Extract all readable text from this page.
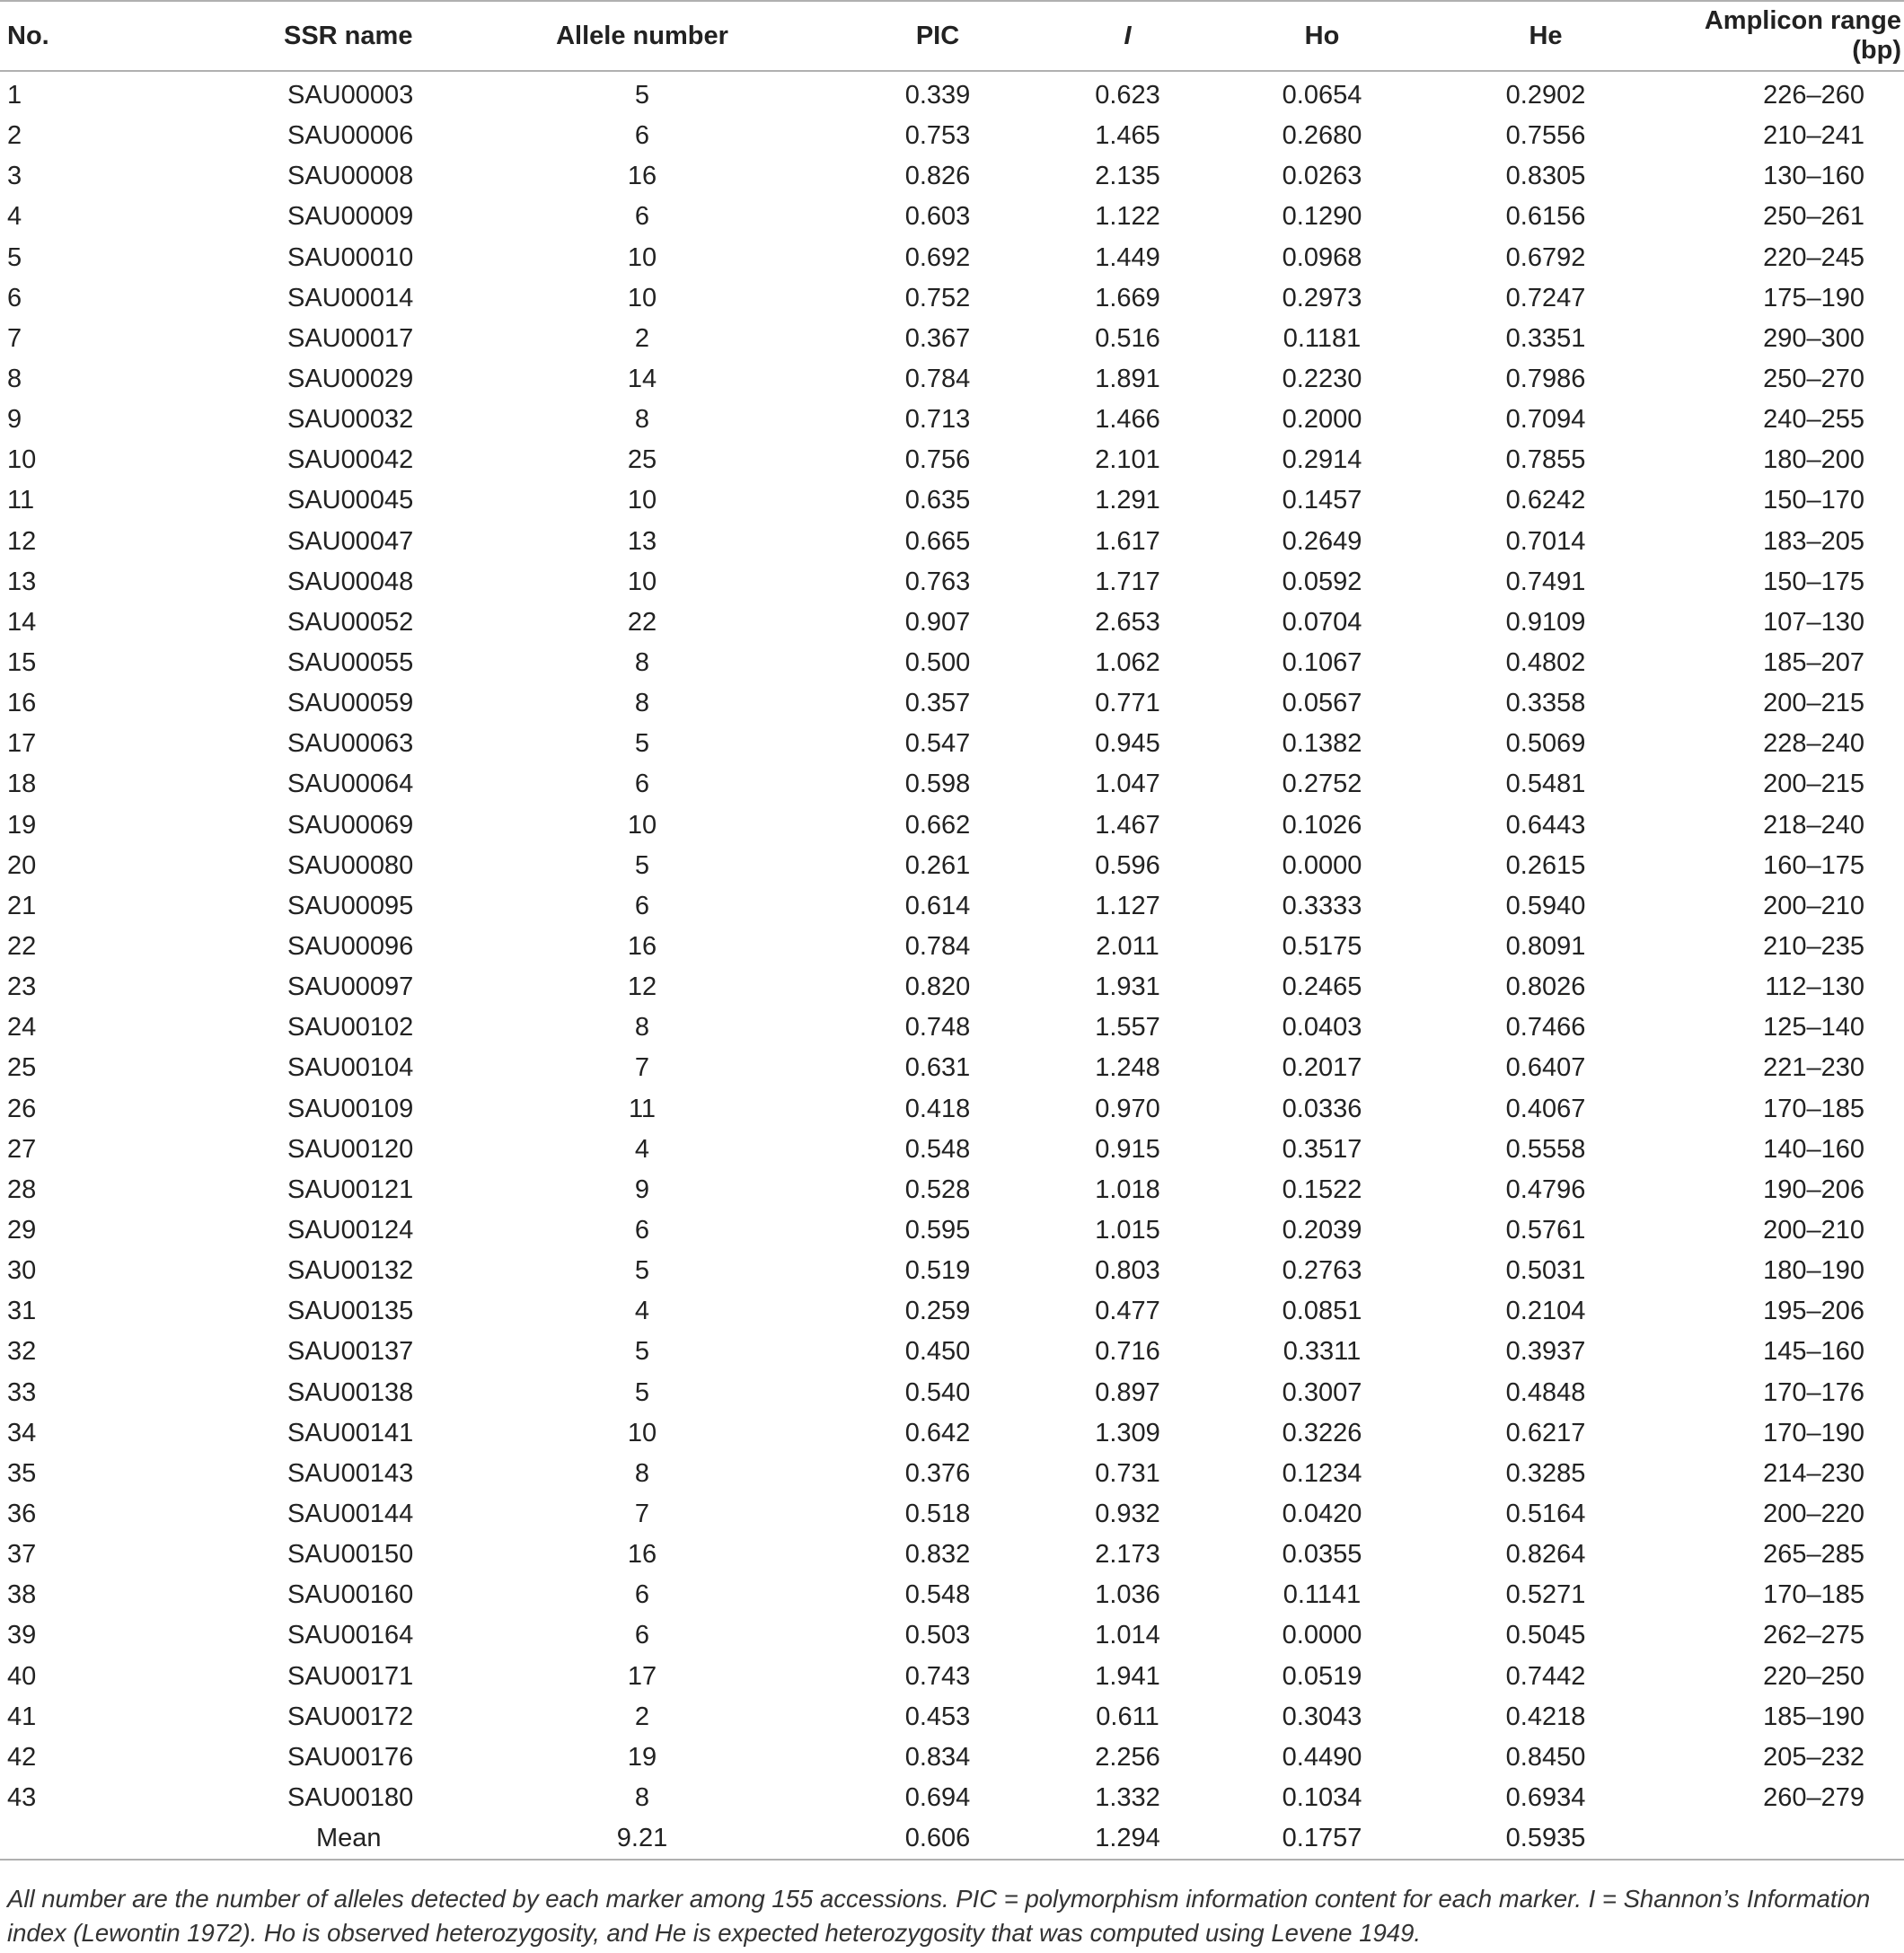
No.	SSR name	Allele number	PIC	I	Ho	He	Amplicon range (bp)
1	SAU00003	5	0.339	0.623	0.0654	0.2902	226–260
2	SAU00006	6	0.753	1.465	0.2680	0.7556	210–241
3	SAU00008	16	0.826	2.135	0.0263	0.8305	130–160
4	SAU00009	6	0.603	1.122	0.1290	0.6156	250–261
5	SAU00010	10	0.692	1.449	0.0968	0.6792	220–245
6	SAU00014	10	0.752	1.669	0.2973	0.7247	175–190
7	SAU00017	2	0.367	0.516	0.1181	0.3351	290–300
8	SAU00029	14	0.784	1.891	0.2230	0.7986	250–270
9	SAU00032	8	0.713	1.466	0.2000	0.7094	240–255
10	SAU00042	25	0.756	2.101	0.2914	0.7855	180–200
11	SAU00045	10	0.635	1.291	0.1457	0.6242	150–170
12	SAU00047	13	0.665	1.617	0.2649	0.7014	183–205
13	SAU00048	10	0.763	1.717	0.0592	0.7491	150–175
14	SAU00052	22	0.907	2.653	0.0704	0.9109	107–130
15	SAU00055	8	0.500	1.062	0.1067	0.4802	185–207
16	SAU00059	8	0.357	0.771	0.0567	0.3358	200–215
17	SAU00063	5	0.547	0.945	0.1382	0.5069	228–240
18	SAU00064	6	0.598	1.047	0.2752	0.5481	200–215
19	SAU00069	10	0.662	1.467	0.1026	0.6443	218–240
20	SAU00080	5	0.261	0.596	0.0000	0.2615	160–175
21	SAU00095	6	0.614	1.127	0.3333	0.5940	200–210
22	SAU00096	16	0.784	2.011	0.5175	0.8091	210–235
23	SAU00097	12	0.820	1.931	0.2465	0.8026	112–130
24	SAU00102	8	0.748	1.557	0.0403	0.7466	125–140
25	SAU00104	7	0.631	1.248	0.2017	0.6407	221–230
26	SAU00109	11	0.418	0.970	0.0336	0.4067	170–185
27	SAU00120	4	0.548	0.915	0.3517	0.5558	140–160
28	SAU00121	9	0.528	1.018	0.1522	0.4796	190–206
29	SAU00124	6	0.595	1.015	0.2039	0.5761	200–210
30	SAU00132	5	0.519	0.803	0.2763	0.5031	180–190
31	SAU00135	4	0.259	0.477	0.0851	0.2104	195–206
32	SAU00137	5	0.450	0.716	0.3311	0.3937	145–160
33	SAU00138	5	0.540	0.897	0.3007	0.4848	170–176
34	SAU00141	10	0.642	1.309	0.3226	0.6217	170–190
35	SAU00143	8	0.376	0.731	0.1234	0.3285	214–230
36	SAU00144	7	0.518	0.932	0.0420	0.5164	200–220
37	SAU00150	16	0.832	2.173	0.0355	0.8264	265–285
38	SAU00160	6	0.548	1.036	0.1141	0.5271	170–185
39	SAU00164	6	0.503	1.014	0.0000	0.5045	262–275
40	SAU00171	17	0.743	1.941	0.0519	0.7442	220–250
41	SAU00172	2	0.453	0.611	0.3043	0.4218	185–190
42	SAU00176	19	0.834	2.256	0.4490	0.8450	205–232
43	SAU00180	8	0.694	1.332	0.1034	0.6934	260–279
	Mean	9.21	0.606	1.294	0.1757	0.5935	
All number are the number of alleles detected by each marker among 155 accessions. PIC = polymorphism information content for each marker. I = Shannon’s Information index (Lewontin 1972). Ho is observed heterozygosity, and He is expected heterozygosity that was computed using Levene 1949.
